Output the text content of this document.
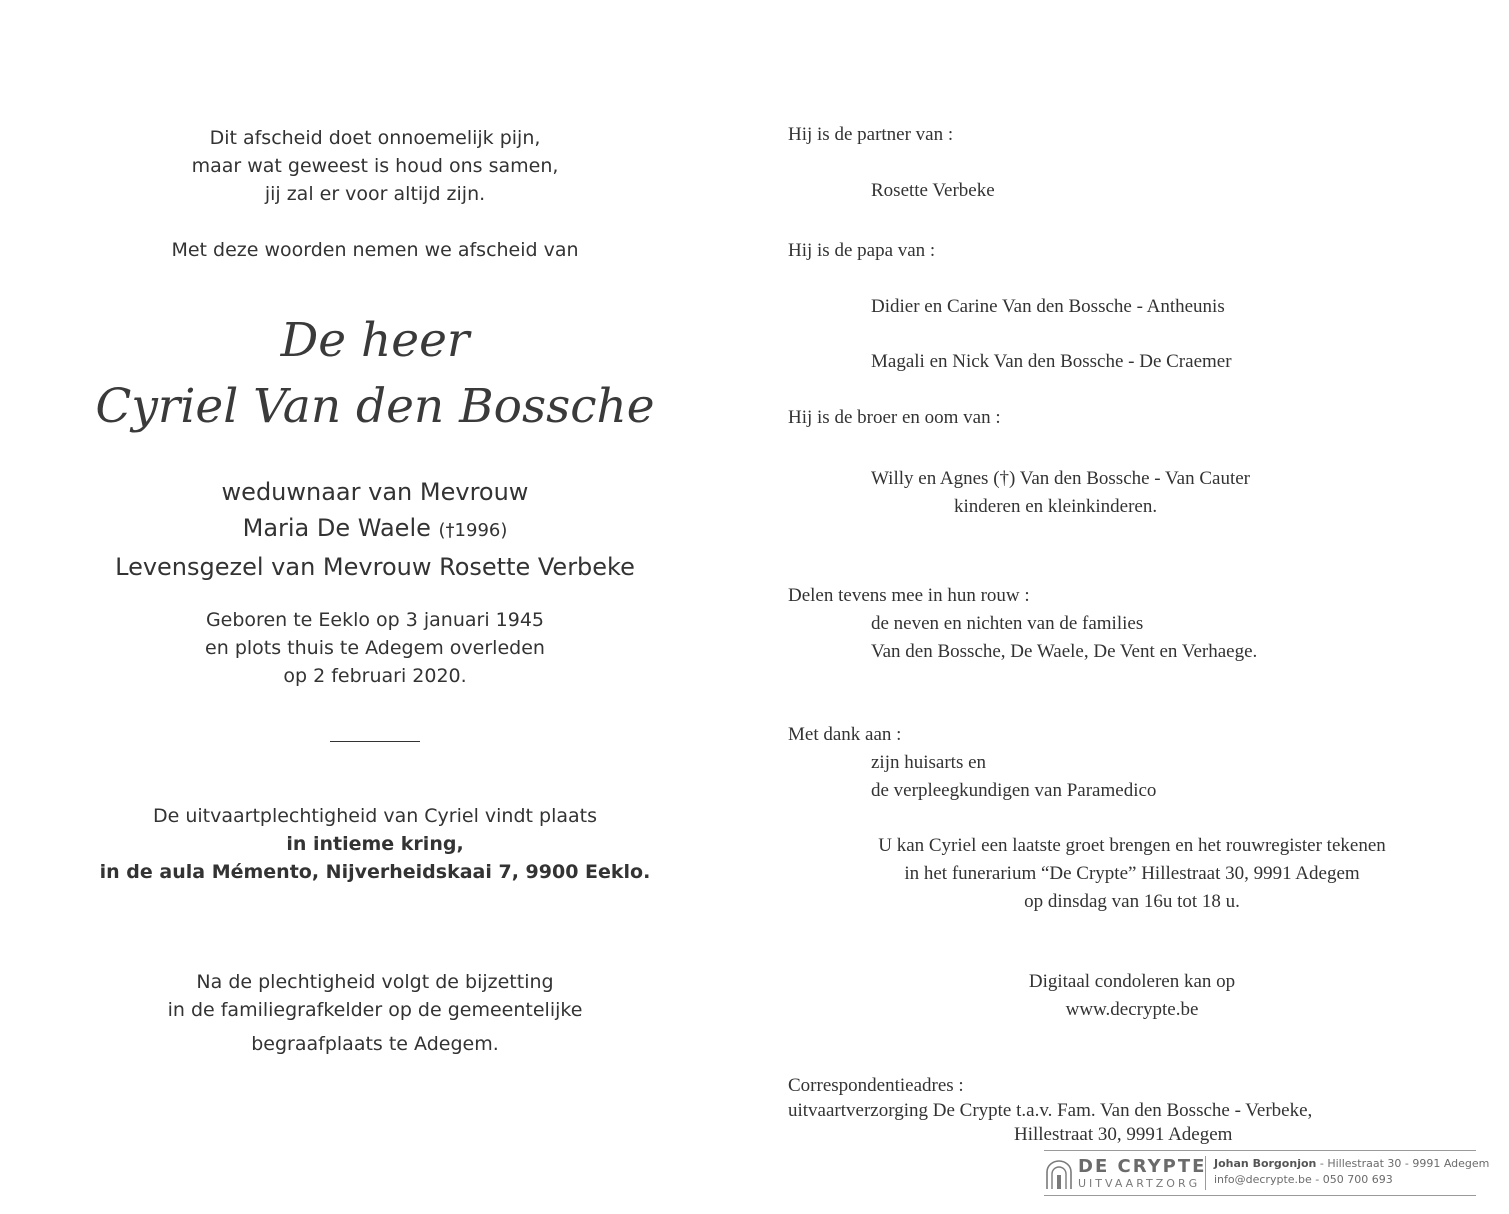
Dit afscheid doet onnoemelijk pijn,
maar wat geweest is houd ons samen,
jij zal er voor altijd zijn.
Met deze woorden nemen we afscheid van
De heer
Cyriel Van den Bossche
weduwnaar van Mevrouw
Maria De Waele (†1996)
Levensgezel van Mevrouw Rosette Verbeke
Geboren te Eeklo op 3 januari 1945
en plots thuis te Adegem overleden
op 2 februari 2020.
De uitvaartplechtigheid van Cyriel vindt plaats
in intieme kring,
in de aula Mémento, Nijverheidskaai 7, 9900 Eeklo.
Na de plechtigheid volgt de bijzetting
in de familiegrafkelder op de gemeentelijke
begraafplaats te Adegem.
Hij is de partner van :
Rosette Verbeke
Hij is de papa van :
Didier en Carine Van den Bossche - Antheunis
Magali en Nick Van den Bossche - De Craemer
Hij is de broer en oom van :
Willy en Agnes (†) Van den Bossche - Van Cauter
kinderen en kleinkinderen.
Delen tevens mee in hun rouw :
de neven en nichten van de families
Van den Bossche, De Waele, De Vent en Verhaege.
Met dank aan :
zijn huisarts en
de verpleegkundigen van Paramedico
U kan Cyriel een laatste groet brengen en het rouwregister tekenen
in het funerarium “De Crypte” Hillestraat 30, 9991 Adegem
op dinsdag van 16u tot 18 u.
Digitaal condoleren kan op
www.decrypte.be
Correspondentieadres :
uitvaartverzorging De Crypte t.a.v. Fam. Van den Bossche - Verbeke,
Hillestraat 30, 9991 Adegem
DE CRYPTE
UITVAARTZORG
Johan Borgonjon - Hillestraat 30 - 9991 Adegem
info@decrypte.be - 050 700 693
